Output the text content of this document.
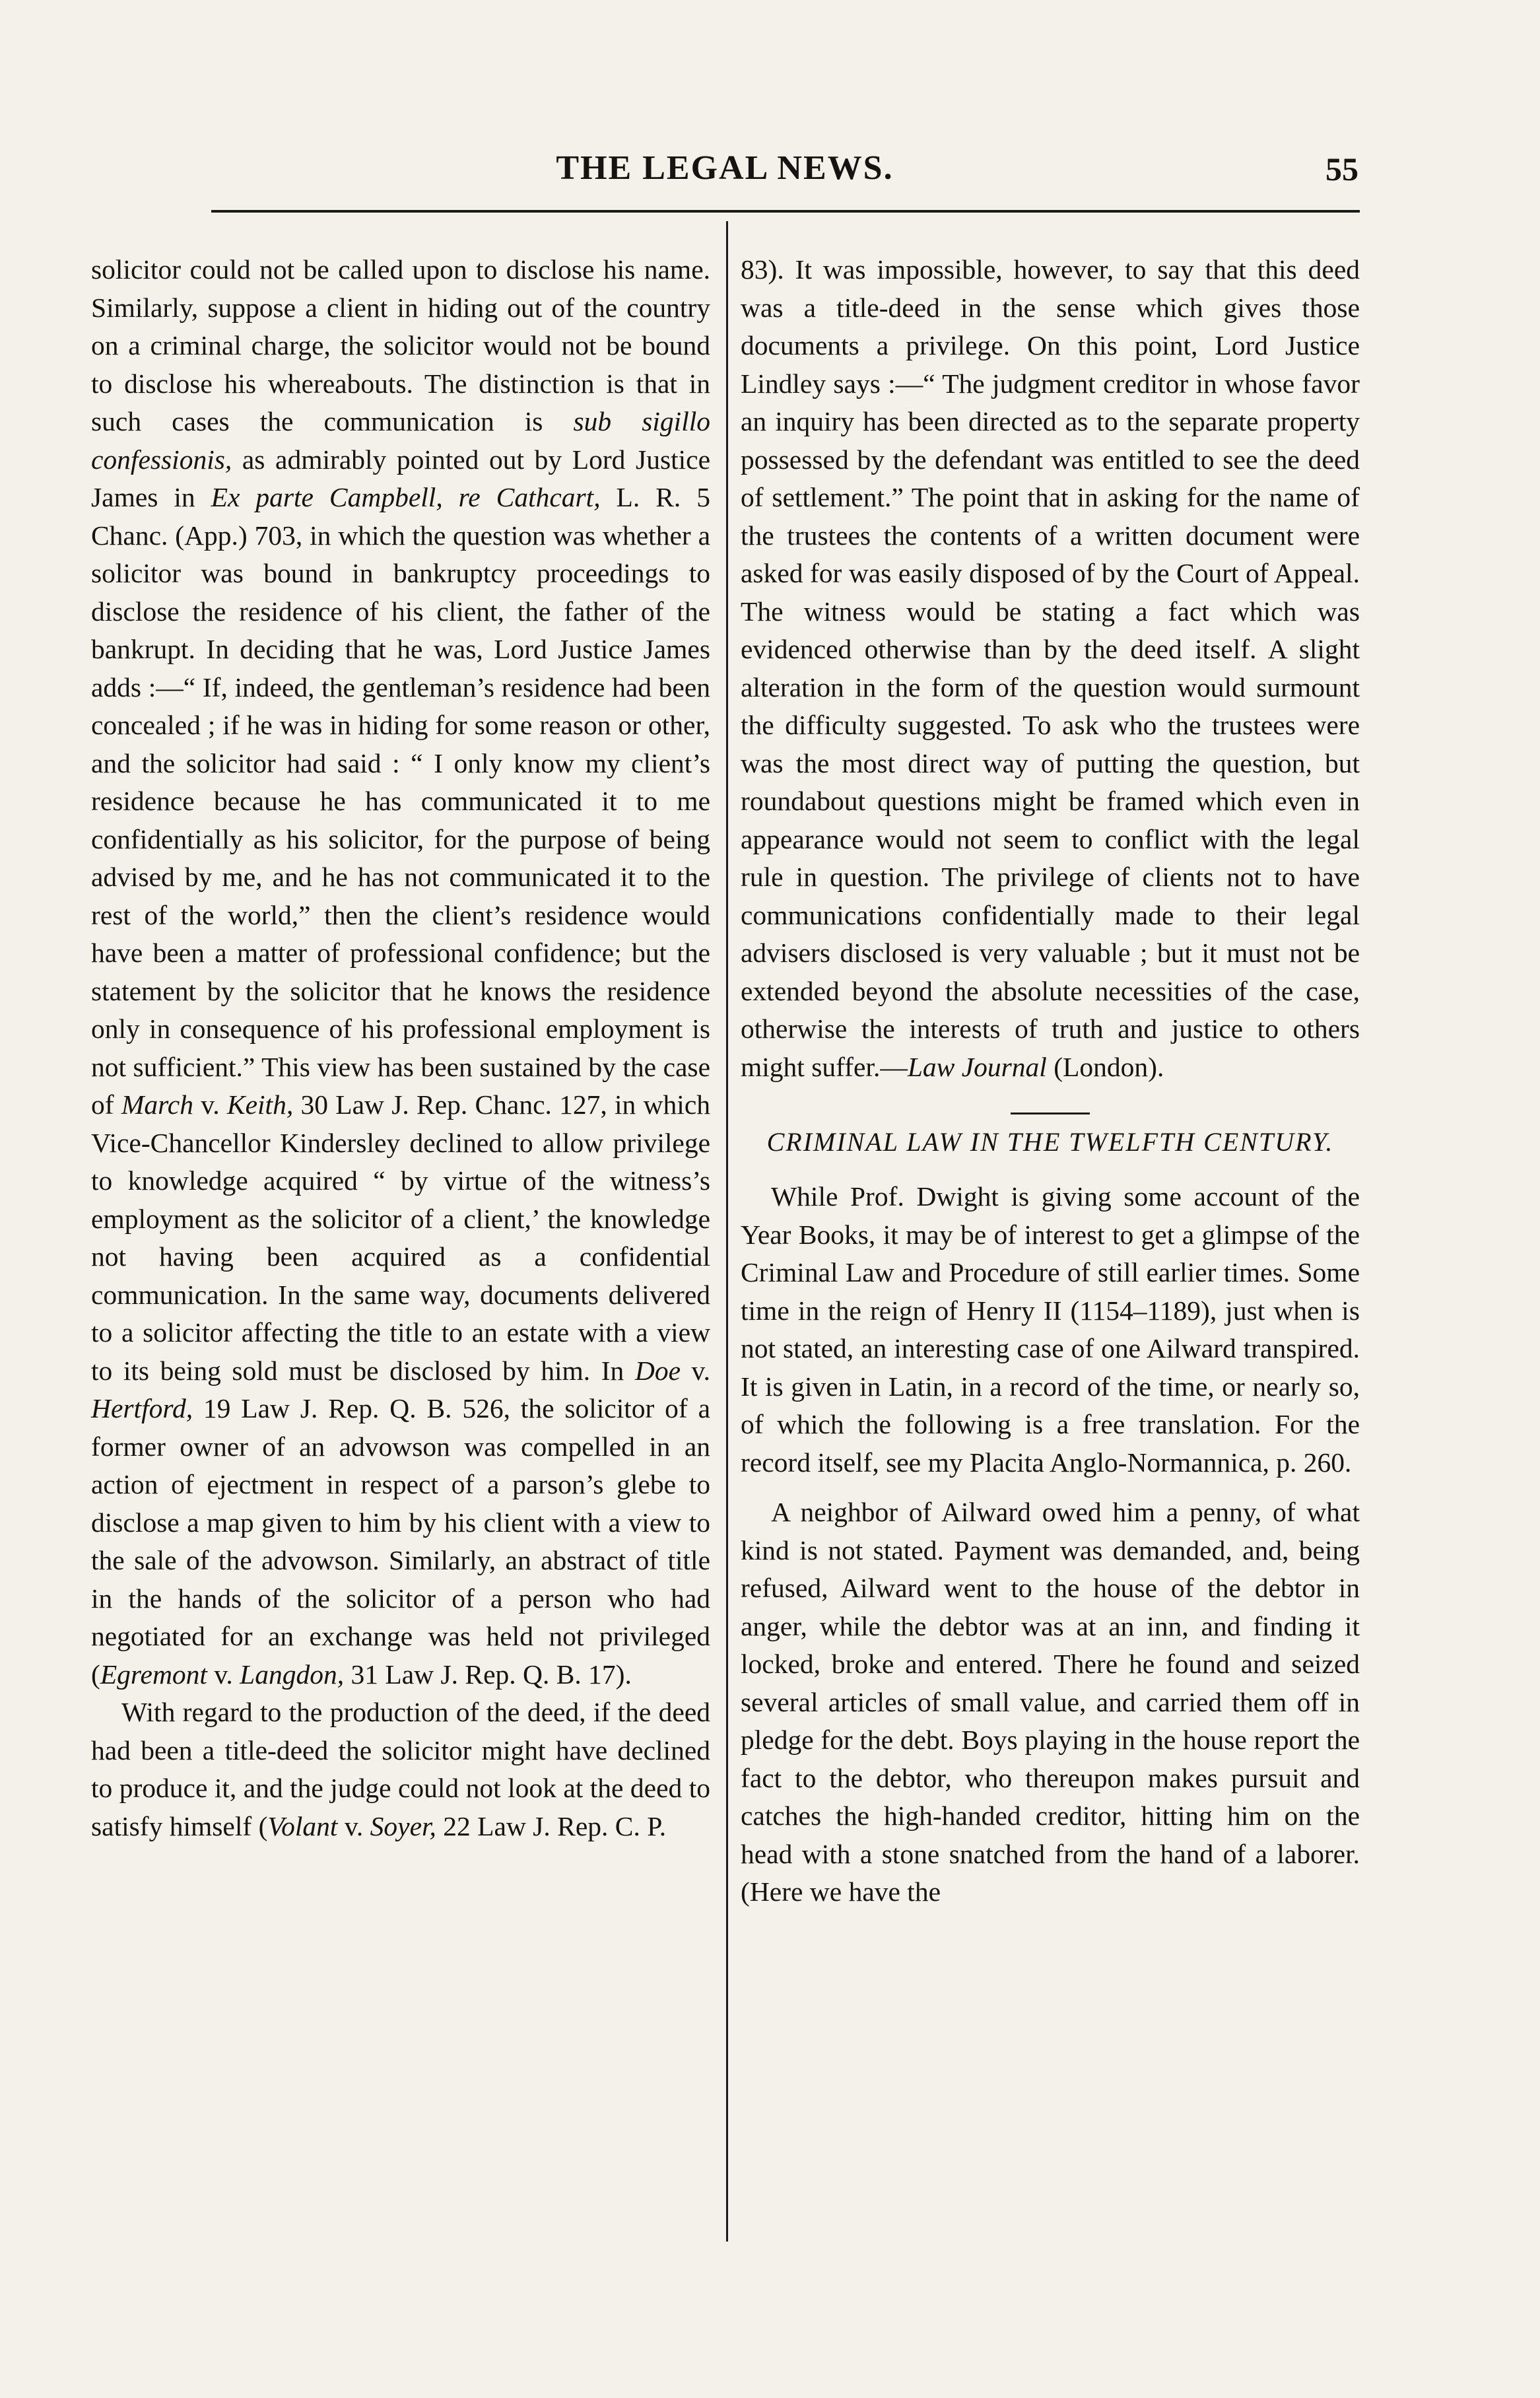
THE LEGAL NEWS.	55

solicitor could not be called upon to disclose his name. Similarly, suppose a client in hiding out of the country on a criminal charge, the solicitor would not be bound to disclose his whereabouts. The distinction is that in such cases the communication is sub sigillo confessionis, as admirably pointed out by Lord Justice James in Ex parte Campbell, re Cathcart, L. R. 5 Chanc. (App.) 703, in which the question was whether a solicitor was bound in bankruptcy proceedings to disclose the residence of his client, the father of the bankrupt. In deciding that he was, Lord Justice James adds :—“ If, indeed, the gentleman’s residence had been concealed ; if he was in hiding for some reason or other, and the solicitor had said : “ I only know my client’s residence because he has communicated it to me confidentially as his solicitor, for the purpose of being advised by me, and he has not communicated it to the rest of the world,” then the client’s residence would have been a matter of professional confidence; but the statement by the solicitor that he knows the residence only in consequence of his professional employment is not sufficient.” This view has been sustained by the case of March v. Keith, 30 Law J. Rep. Chanc. 127, in which Vice-Chancellor Kindersley declined to allow privilege to knowledge acquired “ by virtue of the witness’s employment as the solicitor of a client,’ the knowledge not having been acquired as a confidential communication. In the same way, documents delivered to a solicitor affecting the title to an estate with a view to its being sold must be disclosed by him. In Doe v. Hertford, 19 Law J. Rep. Q. B. 526, the solicitor of a former owner of an advowson was compelled in an action of ejectment in respect of a parson’s glebe to disclose a map given to him by his client with a view to the sale of the advowson. Similarly, an abstract of title in the hands of the solicitor of a person who had negotiated for an exchange was held not privileged (Egremont v. Langdon, 31 Law J. Rep. Q. B. 17).

With regard to the production of the deed, if the deed had been a title-deed the solicitor might have declined to produce it, and the judge could not look at the deed to satisfy himself (Volant v. Soyer, 22 Law J. Rep. C. P.

83). It was impossible, however, to say that this deed was a title-deed in the sense which gives those documents a privilege. On this point, Lord Justice Lindley says :—“ The judgment creditor in whose favor an inquiry has been directed as to the separate property possessed by the defendant was entitled to see the deed of settlement.” The point that in asking for the name of the trustees the contents of a written document were asked for was easily disposed of by the Court of Appeal. The witness would be stating a fact which was evidenced otherwise than by the deed itself. A slight alteration in the form of the question would surmount the difficulty suggested. To ask who the trustees were was the most direct way of putting the question, but roundabout questions might be framed which even in appearance would not seem to conflict with the legal rule in question. The privilege of clients not to have communications confidentially made to their legal advisers disclosed is very valuable ; but it must not be extended beyond the absolute necessities of the case, otherwise the interests of truth and justice to others might suffer.—Law Journal (London).

CRIMINAL LAW IN THE TWELFTH CENTURY.

While Prof. Dwight is giving some account of the Year Books, it may be of interest to get a glimpse of the Criminal Law and Procedure of still earlier times. Some time in the reign of Henry II (1154–1189), just when is not stated, an interesting case of one Ailward transpired. It is given in Latin, in a record of the time, or nearly so, of which the following is a free translation. For the record itself, see my Placita Anglo-Normannica, p. 260.

A neighbor of Ailward owed him a penny, of what kind is not stated. Payment was demanded, and, being refused, Ailward went to the house of the debtor in anger, while the debtor was at an inn, and finding it locked, broke and entered. There he found and seized several articles of small value, and carried them off in pledge for the debt. Boys playing in the house report the fact to the debtor, who thereupon makes pursuit and catches the high-handed creditor, hitting him on the head with a stone snatched from the hand of a laborer. (Here we have the
